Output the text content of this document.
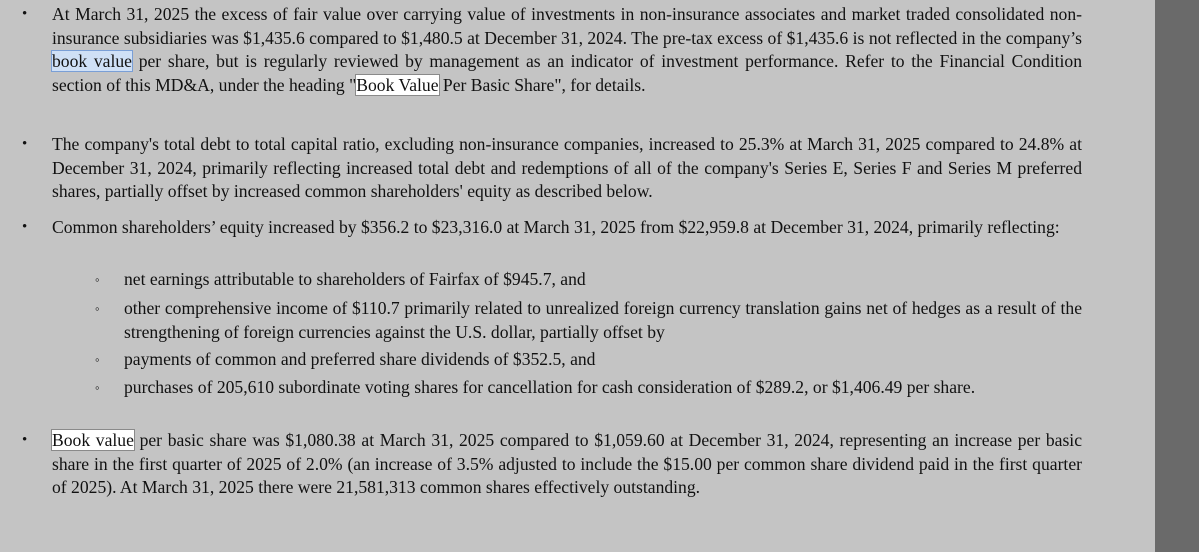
• At March 31, 2025 the excess of fair value over carrying value of investments in non-insurance associates and market traded consolidated non-insurance subsidiaries was $1,435.6 compared to $1,480.5 at December 31, 2024. The pre-tax excess of $1,435.6 is not reflected in the company’s book value per share, but is regularly reviewed by management as an indicator of investment performance. Refer to the Financial Condition section of this MD&A, under the heading "Book Value Per Basic Share", for details.
• The company's total debt to total capital ratio, excluding non-insurance companies, increased to 25.3% at March 31, 2025 compared to 24.8% at December 31, 2024, primarily reflecting increased total debt and redemptions of all of the company's Series E, Series F and Series M preferred shares, partially offset by increased common shareholders' equity as described below.
• Common shareholders’ equity increased by $356.2 to $23,316.0 at March 31, 2025 from $22,959.8 at December 31, 2024, primarily reflecting:
◦ net earnings attributable to shareholders of Fairfax of $945.7, and
◦ other comprehensive income of $110.7 primarily related to unrealized foreign currency translation gains net of hedges as a result of the strengthening of foreign currencies against the U.S. dollar, partially offset by
◦ payments of common and preferred share dividends of $352.5, and
◦ purchases of 205,610 subordinate voting shares for cancellation for cash consideration of $289.2, or $1,406.49 per share.
• Book value per basic share was $1,080.38 at March 31, 2025 compared to $1,059.60 at December 31, 2024, representing an increase per basic share in the first quarter of 2025 of 2.0% (an increase of 3.5% adjusted to include the $15.00 per common share dividend paid in the first quarter of 2025). At March 31, 2025 there were 21,581,313 common shares effectively outstanding.
